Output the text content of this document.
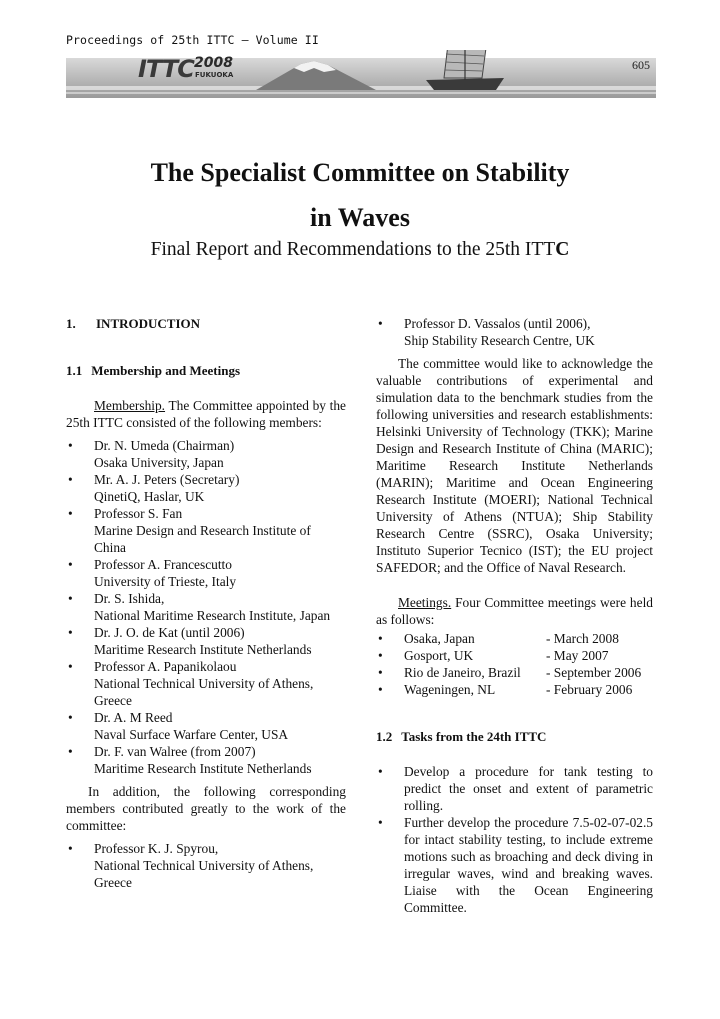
Proceedings of 25th ITTC – Volume II
ITTC 2008
FUKUOKA
605
The Specialist Committee on Stability
in Waves
Final Report and Recommendations to the 25th ITTC
1.	INTRODUCTION
1.1 Membership and Meetings

Membership. The Committee appointed by the 25th ITTC consisted of the following members:

• Dr. N. Umeda (Chairman)
Osaka University, Japan
• Mr. A. J. Peters (Secretary)
QinetiQ, Haslar, UK
• Professor S. Fan
Marine Design and Research Institute of China
• Professor A. Francescutto
University of Trieste, Italy
• Dr. S. Ishida,
National Maritime Research Institute, Japan
• Dr. J. O. de Kat (until 2006)
Maritime Research Institute Netherlands
• Professor A. Papanikolaou
National Technical University of Athens, Greece
• Dr. A. M Reed
Naval Surface Warfare Center, USA
• Dr. F. van Walree (from 2007)
Maritime Research Institute Netherlands

In addition, the following corresponding members contributed greatly to the work of the committee:

• Professor K. J. Spyrou,
National Technical University of Athens, Greece
• Professor D. Vassalos (until 2006),
Ship Stability Research Centre, UK

The committee would like to acknowledge the valuable contributions of experimental and simulation data to the benchmark studies from the following universities and research establishments: Helsinki University of Technology (TKK); Marine Design and Research Institute of China (MARIC); Maritime Research Institute Netherlands (MARIN); Maritime and Ocean Engineering Research Institute (MOERI); National Technical University of Athens (NTUA); Ship Stability Research Centre (SSRC), Osaka University; Instituto Superior Tecnico (IST); the EU project SAFEDOR; and the Office of Naval Research.

Meetings. Four Committee meetings were held as follows:

• Osaka, Japan	- March 2008
• Gosport, UK	- May 2007
• Rio de Janeiro, Brazil	- September 2006
• Wageningen, NL	- February 2006
1.2 Tasks from the 24th ITTC
• Develop a procedure for tank testing to predict the onset and extent of parametric rolling.
• Further develop the procedure 7.5-02-07-02.5 for intact stability testing, to include extreme motions such as broaching and deck diving in irregular waves, wind and breaking waves. Liaise with the Ocean Engineering Committee.
